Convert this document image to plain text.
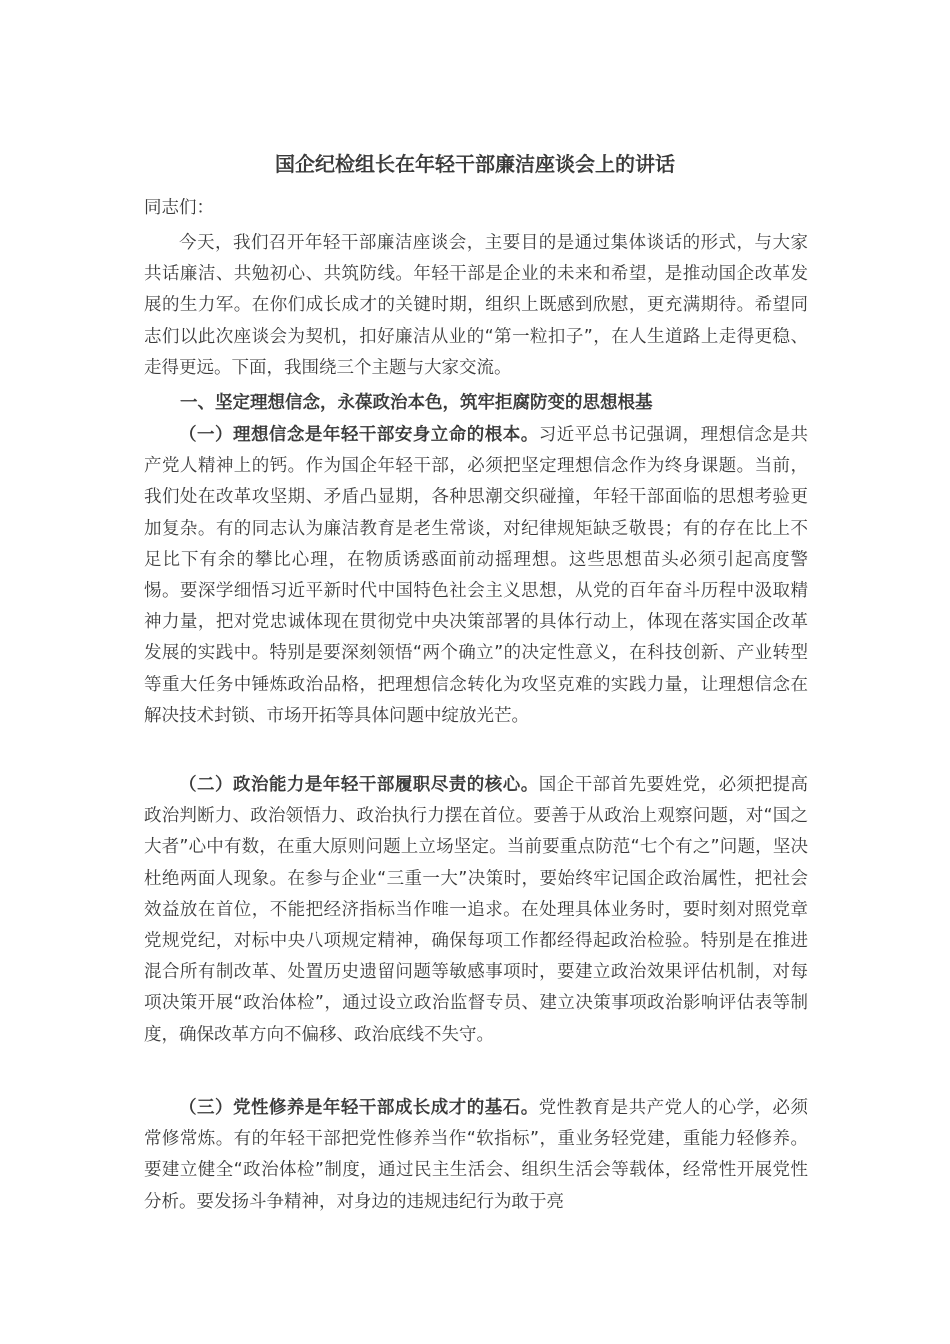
国企纪检组长在年轻干部廉洁座谈会上的讲话
同志们：

今天，我们召开年轻干部廉洁座谈会，主要目的是通过集体谈话的形式，与大家共话廉洁、共勉初心、共筑防线。年轻干部是企业的未来和希望，是推动国企改革发展的生力军。在你们成长成才的关键时期，组织上既感到欣慰，更充满期待。希望同志们以此次座谈会为契机，扣好廉洁从业的“第一粒扣子”，在人生道路上走得更稳、走得更远。下面，我围绕三个主题与大家交流。

一、坚定理想信念，永葆政治本色，筑牢拒腐防变的思想根基

（一）理想信念是年轻干部安身立命的根本。习近平总书记强调，理想信念是共产党人精神上的钙。作为国企年轻干部，必须把坚定理想信念作为终身课题。当前，我们处在改革攻坚期、矛盾凸显期，各种思潮交织碰撞，年轻干部面临的思想考验更加复杂。有的同志认为廉洁教育是老生常谈，对纪律规矩缺乏敬畏；有的存在比上不足比下有余的攀比心理，在物质诱惑面前动摇理想。这些思想苗头必须引起高度警惕。要深学细悟习近平新时代中国特色社会主义思想，从党的百年奋斗历程中汲取精神力量，把对党忠诚体现在贯彻党中央决策部署的具体行动上，体现在落实国企改革发展的实践中。特别是要深刻领悟“两个确立”的决定性意义，在科技创新、产业转型等重大任务中锤炼政治品格，把理想信念转化为攻坚克难的实践力量，让理想信念在解决技术封锁、市场开拓等具体问题中绽放光芒。

（二）政治能力是年轻干部履职尽责的核心。国企干部首先要姓党，必须把提高政治判断力、政治领悟力、政治执行力摆在首位。要善于从政治上观察问题，对“国之大者”心中有数，在重大原则问题上立场坚定。当前要重点防范“七个有之”问题，坚决杜绝两面人现象。在参与企业“三重一大”决策时，要始终牢记国企政治属性，把社会效益放在首位，不能把经济指标当作唯一追求。在处理具体业务时，要时刻对照党章党规党纪，对标中央八项规定精神，确保每项工作都经得起政治检验。特别是在推进混合所有制改革、处置历史遗留问题等敏感事项时，要建立政治效果评估机制，对每项决策开展“政治体检”，通过设立政治监督专员、建立决策事项政治影响评估表等制度，确保改革方向不偏移、政治底线不失守。

（三）党性修养是年轻干部成长成才的基石。党性教育是共产党人的心学，必须常修常炼。有的年轻干部把党性修养当作“软指标”，重业务轻党建，重能力轻修养。要建立健全“政治体检”制度，通过民主生活会、组织生活会等载体，经常性开展党性分析。要发扬斗争精神，对身边的违规违纪行为敢于亮
